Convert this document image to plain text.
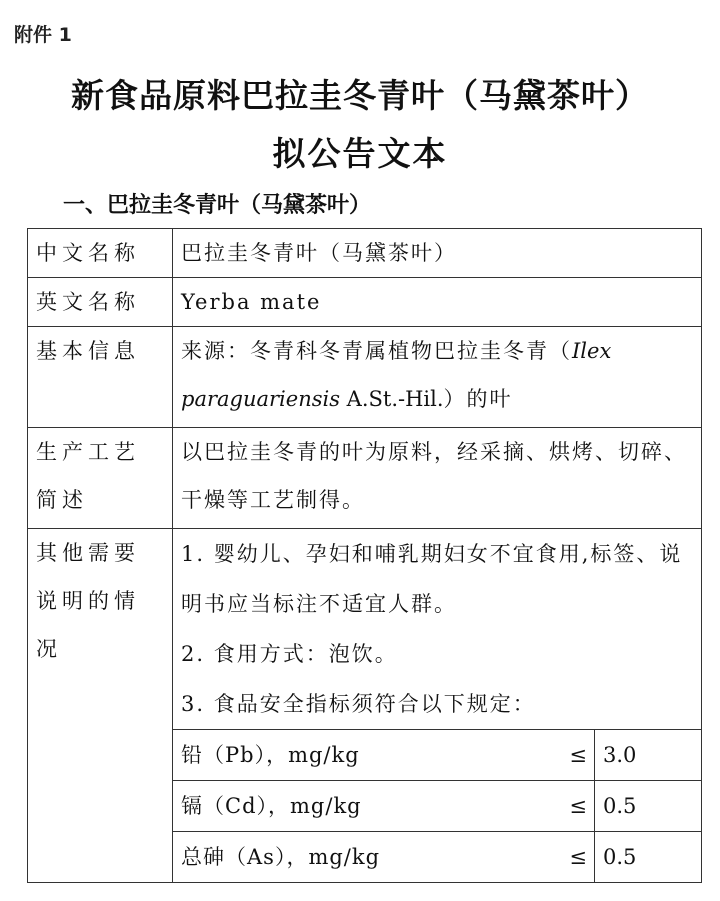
附件 1
新食品原料巴拉圭冬青叶（马黛茶叶）
拟公告文本
一、巴拉圭冬青叶（马黛茶叶）
中文名称	巴拉圭冬青叶（马黛茶叶）
英文名称	Yerba mate
基本信息	来源：冬青科冬青属植物巴拉圭冬青（Ilex paraguariensis A.St.-Hil.）的叶
生产工艺简述	以巴拉圭冬青的叶为原料，经采摘、烘烤、切碎、干燥等工艺制得。
其他需要说明的情况	
1. 婴幼儿、孕妇和哺乳期妇女不宜食用,标签、说明书应当标注不适宜人群。
2. 食用方式：泡饮。
3. 食品安全指标须符合以下规定：
铅（Pb），mg/kg	≤	3.0
镉（Cd），mg/kg	≤	0.5
总砷（As），mg/kg	≤	0.5
